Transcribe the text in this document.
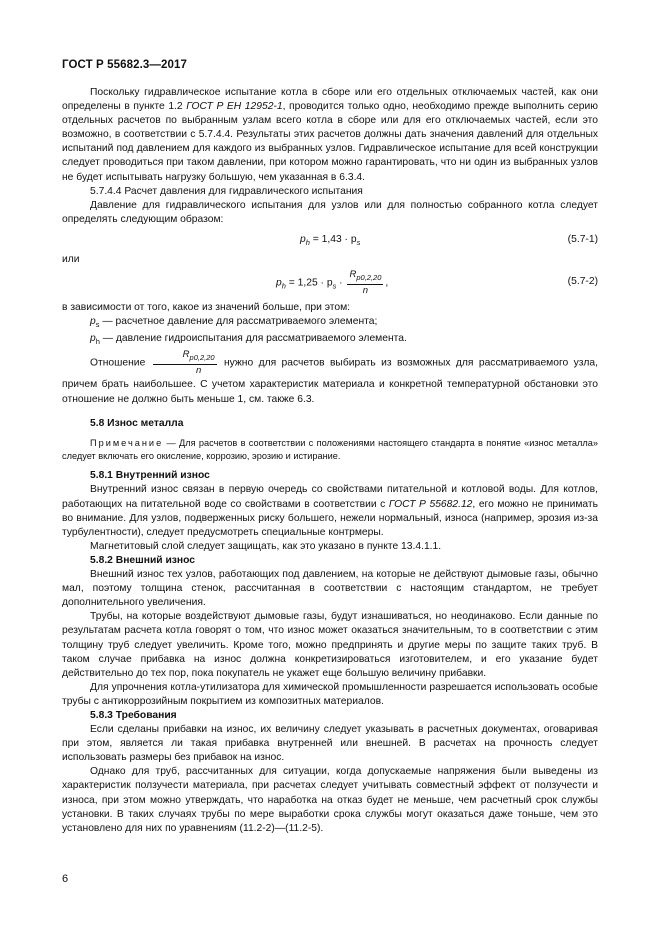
ГОСТ Р 55682.3—2017

Поскольку гидравлическое испытание котла в сборе или его отдельных отключаемых частей, как они определены в пункте 1.2 ГОСТ Р ЕН 12952-1, проводится только одно, необходимо прежде выполнить серию отдельных расчетов по выбранным узлам всего котла в сборе или для его отключаемых частей, если это возможно, в соответствии с 5.7.4.4. Результаты этих расчетов должны дать значения давлений для отдельных испытаний под давлением для каждого из выбранных узлов. Гидравлическое испытание для всей конструкции следует проводиться при таком давлении, при котором можно гарантировать, что ни один из выбранных узлов не будет испытывать нагрузку большую, чем указанная в 6.3.4.

5.7.4.4 Расчет давления для гидравлического испытания

Давление для гидравлического испытания для узлов или для полностью собранного котла следует определять следующим образом:

$p_h = 1,43 \cdot p_s$	(5.7-1)

или

$p_h = 1,25 \cdot p_s \cdot \frac{R_{p0,2,20}}{n}$ ,	(5.7-2)

в зависимости от того, какое из значений больше, при этом:

$p_s$ — расчетное давление для рассматриваемого элемента;

$p_h$ — давление гидроиспытания для рассматриваемого элемента.

Отношение $\frac{R_{p0,2,20}}{n}$ нужно для расчетов выбирать из возможных для рассматриваемого узла, причем брать наибольшее. С учетом характеристик материала и конкретной температурной обстановки это отношение не должно быть меньше 1, см. также 6.3.

5.8 Износ металла

Примечание — Для расчетов в соответствии с положениями настоящего стандарта в понятие «износ металла» следует включать его окисление, коррозию, эрозию и истирание.

5.8.1 Внутренний износ

Внутренний износ связан в первую очередь со свойствами питательной и котловой воды. Для котлов, работающих на питательной воде со свойствами в соответствии с ГОСТ Р 55682.12, его можно не принимать во внимание. Для узлов, подверженных риску большего, нежели нормальный, износа (например, эрозия из-за турбулентности), следует предусмотреть специальные контрмеры.

Магнетитовый слой следует защищать, как это указано в пункте 13.4.1.1.

5.8.2 Внешний износ

Внешний износ тех узлов, работающих под давлением, на которые не действуют дымовые газы, обычно мал, поэтому толщина стенок, рассчитанная в соответствии с настоящим стандартом, не требует дополнительного увеличения.

Трубы, на которые воздействуют дымовые газы, будут изнашиваться, но неодинаково. Если данные по результатам расчета котла говорят о том, что износ может оказаться значительным, то в соответствии с этим толщину труб следует увеличить. Кроме того, можно предпринять и другие меры по защите таких труб. В таком случае прибавка на износ должна конкретизироваться изготовителем, и его указание будет действительно до тех пор, пока покупатель не укажет еще большую величину прибавки.

Для упрочнения котла-утилизатора для химической промышленности разрешается использовать особые трубы с антикоррозийным покрытием из композитных материалов.

5.8.3 Требования

Если сделаны прибавки на износ, их величину следует указывать в расчетных документах, оговаривая при этом, является ли такая прибавка внутренней или внешней. В расчетах на прочность следует использовать размеры без прибавок на износ.

Однако для труб, рассчитанных для ситуации, когда допускаемые напряжения были выведены из характеристик ползучести материала, при расчетах следует учитывать совместный эффект от ползучести и износа, при этом можно утверждать, что наработка на отказ будет не меньше, чем расчетный срок службы установки. В таких случаях трубы по мере выработки срока службы могут оказаться даже тоньше, чем это установлено для них по уравнениям (11.2-2)—(11.2-5).

6
